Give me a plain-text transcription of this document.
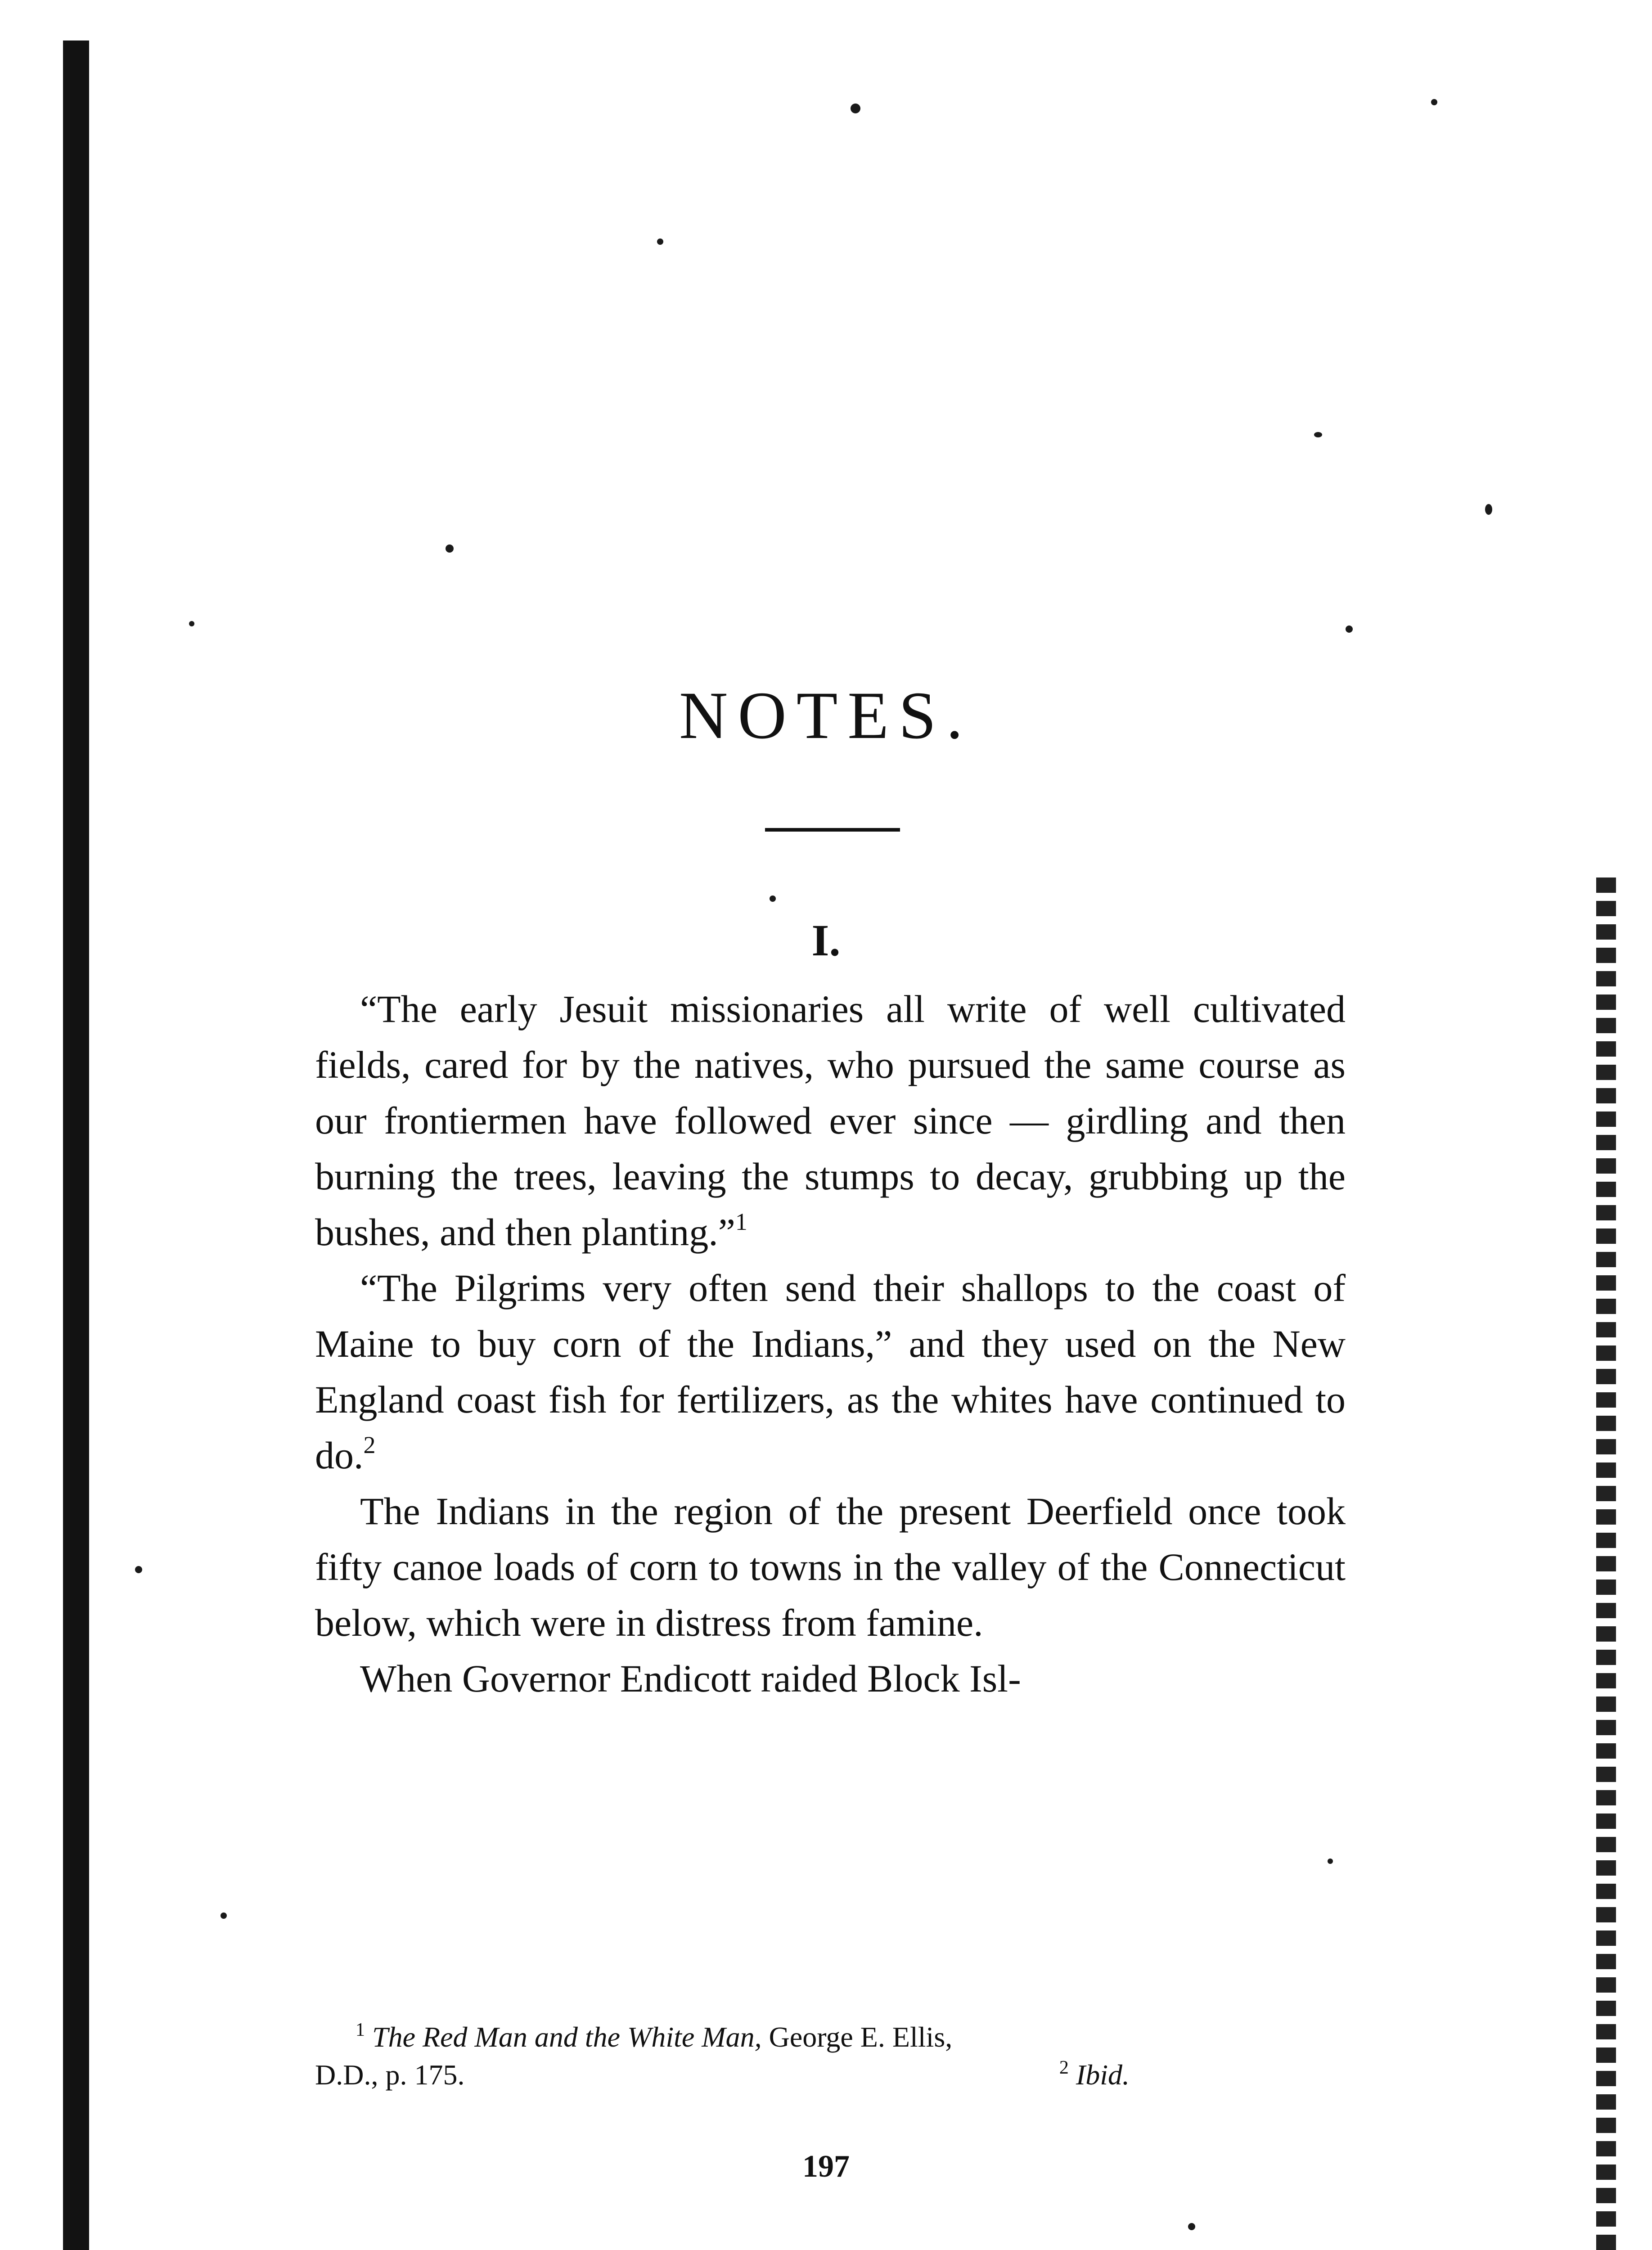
NOTES.
I.

“The early Jesuit missionaries all write of well cultivated fields, cared for by the natives, who pursued the same course as our frontiermen have followed ever since — girdling and then burning the trees, leaving the stumps to decay, grubbing up the bushes, and then planting.”$^1$

“The Pilgrims very often send their shallops to the coast of Maine to buy corn of the Indians,” and they used on the New England coast fish for fertilizers, as the whites have continued to do.$^2$

The Indians in the region of the present Deerfield once took fifty canoe loads of corn to towns in the valley of the Connecticut below, which were in distress from famine.

When Governor Endicott raided Block Isl-

$^1$ The Red Man and the White Man, George E. Ellis,
D.D., p. 175.	$^2$ Ibid.
197
